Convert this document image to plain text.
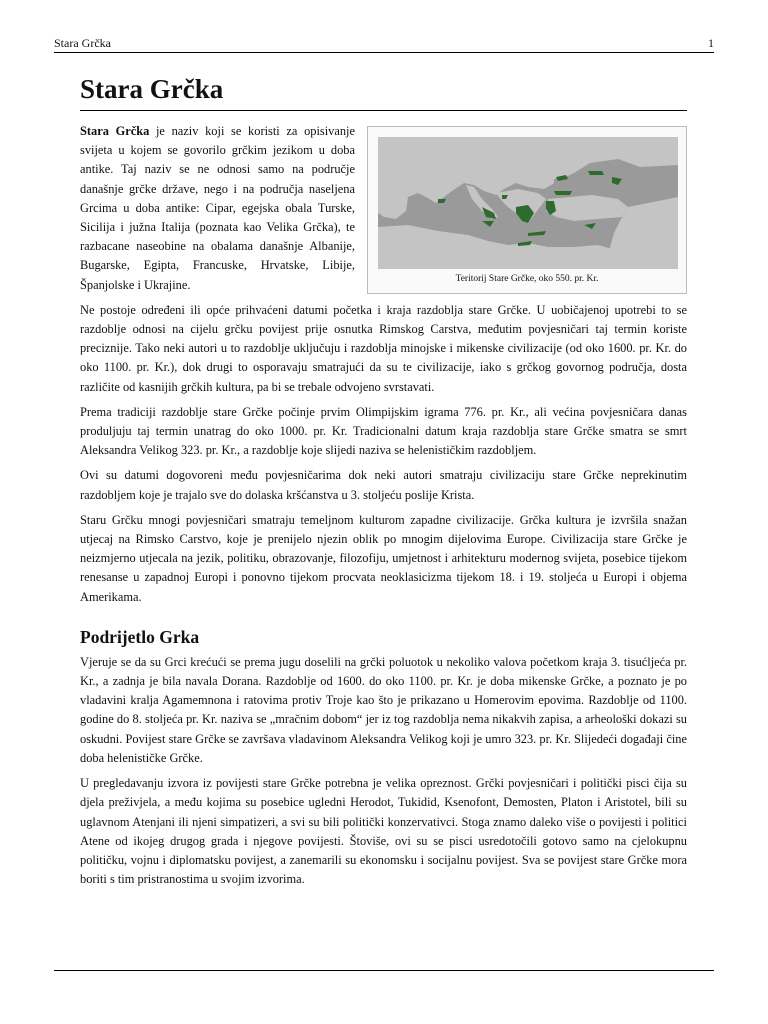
Stara Grčka	1
Stara Grčka
Teritorij Stare Grčke, oko 550. pr. Kr.

Stara Grčka je naziv koji se koristi za opisivanje svijeta u kojem se govorilo grčkim jezikom u doba antike. Taj naziv se ne odnosi samo na područje današnje grčke države, nego i na područja naseljena Grcima u doba antike: Cipar, egejska obala Turske, Sicilija i južna Italija (poznata kao Velika Grčka), te razbacane naseobine na obalama današnje Albanije, Bugarske, Egipta, Francuske, Hrvatske, Libije, Španjolske i Ukrajine.

Ne postoje određeni ili opće prihvaćeni datumi početka i kraja razdoblja stare Grčke. U uobičajenoj upotrebi to se razdoblje odnosi na cijelu grčku povijest prije osnutka Rimskog Carstva, međutim povjesničari taj termin koriste preciznije. Tako neki autori u to razdoblje uključuju i razdoblja minojske i mikenske civilizacije (od oko 1600. pr. Kr. do oko 1100. pr. Kr.), dok drugi to osporavaju smatrajući da su te civilizacije, iako s grčkog govornog područja, dosta različite od kasnijih grčkih kultura, pa bi se trebale odvojeno svrstavati.

Prema tradiciji razdoblje stare Grčke počinje prvim Olimpijskim igrama 776. pr. Kr., ali većina povjesničara danas produljuju taj termin unatrag do oko 1000. pr. Kr. Tradicionalni datum kraja razdoblja stare Grčke smatra se smrt Aleksandra Velikog 323. pr. Kr., a razdoblje koje slijedi naziva se helenističkim razdobljem.

Ovi su datumi dogovoreni među povjesničarima dok neki autori smatraju civilizaciju stare Grčke neprekinutim razdobljem koje je trajalo sve do dolaska kršćanstva u 3. stoljeću poslije Krista.

Staru Grčku mnogi povjesničari smatraju temeljnom kulturom zapadne civilizacije. Grčka kultura je izvršila snažan utjecaj na Rimsko Carstvo, koje je prenijelo njezin oblik po mnogim dijelovima Europe. Civilizacija stare Grčke je neizmjerno utjecala na jezik, politiku, obrazovanje, filozofiju, umjetnost i arhitekturu modernog svijeta, posebice tijekom renesanse u zapadnoj Europi i ponovno tijekom procvata neoklasicizma tijekom 18. i 19. stoljeća u Europi i objema Amerikama.

Podrijetlo Grka

Vjeruje se da su Grci krećući se prema jugu doselili na grčki poluotok u nekoliko valova početkom kraja 3. tisućljeća pr. Kr., a zadnja je bila navala Dorana. Razdoblje od 1600. do oko 1100. pr. Kr. je doba mikenske Grčke, a poznato je po vladavini kralja Agamemnona i ratovima protiv Troje kao što je prikazano u Homerovim epovima. Razdoblje od 1100. godine do 8. stoljeća pr. Kr. naziva se „mračnim dobom“ jer iz tog razdoblja nema nikakvih zapisa, a arheološki dokazi su oskudni. Povijest stare Grčke se završava vladavinom Aleksandra Velikog koji je umro 323. pr. Kr. Slijedeći događaji čine doba helenističke Grčke.

U pregledavanju izvora iz povijesti stare Grčke potrebna je velika opreznost. Grčki povjesničari i politički pisci čija su djela preživjela, a među kojima su posebice ugledni Herodot, Tukidid, Ksenofont, Demosten, Platon i Aristotel, bili su uglavnom Atenjani ili njeni simpatizeri, a svi su bili politički konzervativci. Stoga znamo daleko više o povijesti i politici Atene od ikojeg drugog grada i njegove povijesti. Štoviše, ovi su se pisci usredotočili gotovo samo na cjelokupnu političku, vojnu i diplomatsku povijest, a zanemarili su ekonomsku i socijalnu povijest. Sva se povijest stare Grčke mora boriti s tim pristranostima u svojim izvorima.
